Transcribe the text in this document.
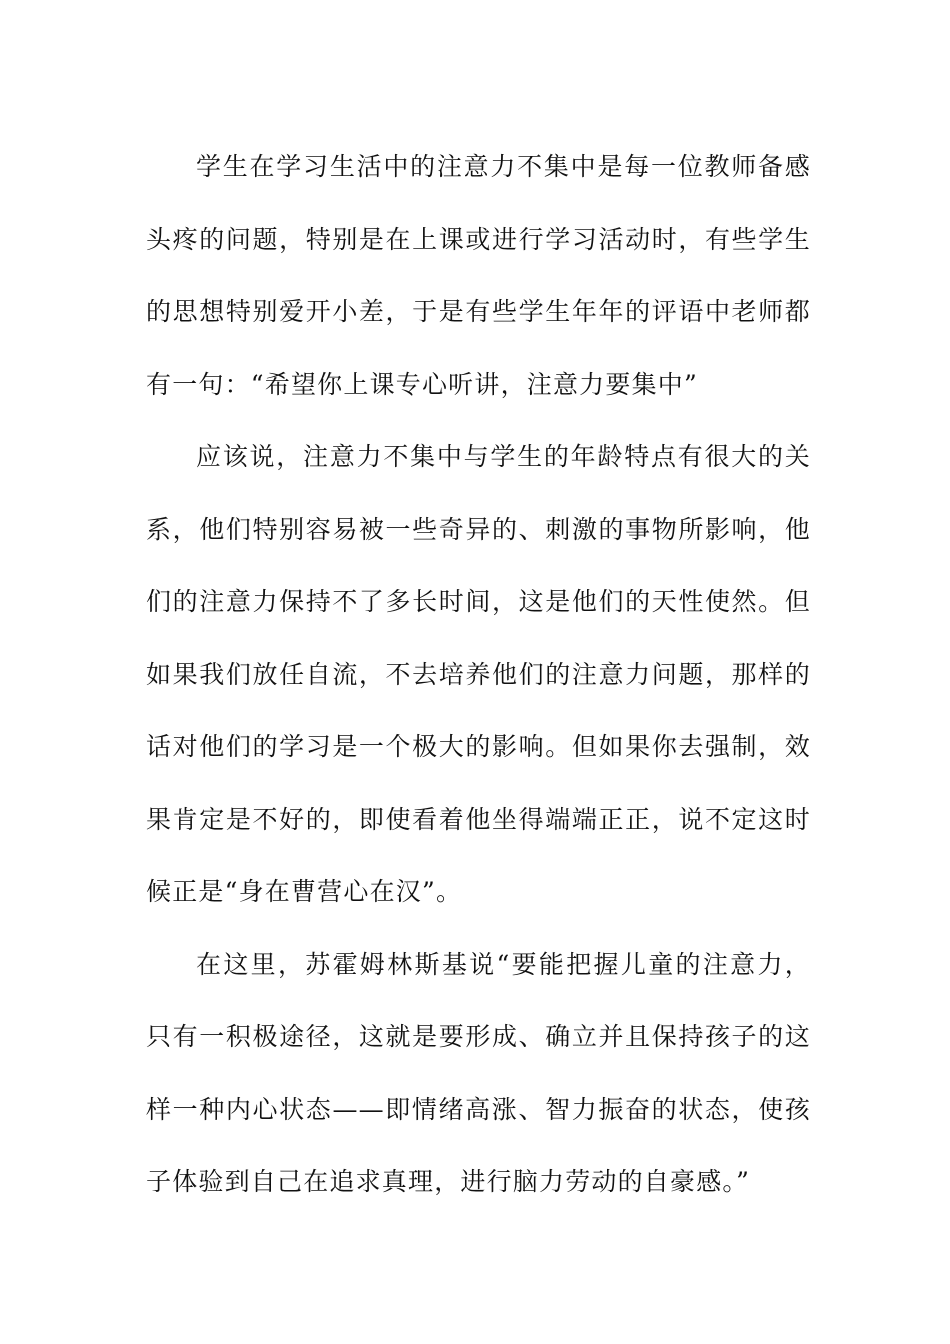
学生在学习生活中的注意力不集中是每一位教师备感头疼的问题，特别是在上课或进行学习活动时，有些学生的思想特别爱开小差，于是有些学生年年的评语中老师都有一句：“希望你上课专心听讲，注意力要集中”

应该说，注意力不集中与学生的年龄特点有很大的关系，他们特别容易被一些奇异的、刺激的事物所影响，他们的注意力保持不了多长时间，这是他们的天性使然。但如果我们放任自流，不去培养他们的注意力问题，那样的话对他们的学习是一个极大的影响。但如果你去强制，效果肯定是不好的，即使看着他坐得端端正正，说不定这时候正是“身在曹营心在汉”。

在这里，苏霍姆林斯基说“要能把握儿童的注意力，只有一积极途径，这就是要形成、确立并且保持孩子的这样一种内心状态——即情绪高涨、智力振奋的状态，使孩子体验到自己在追求真理，进行脑力劳动的自豪感。”
